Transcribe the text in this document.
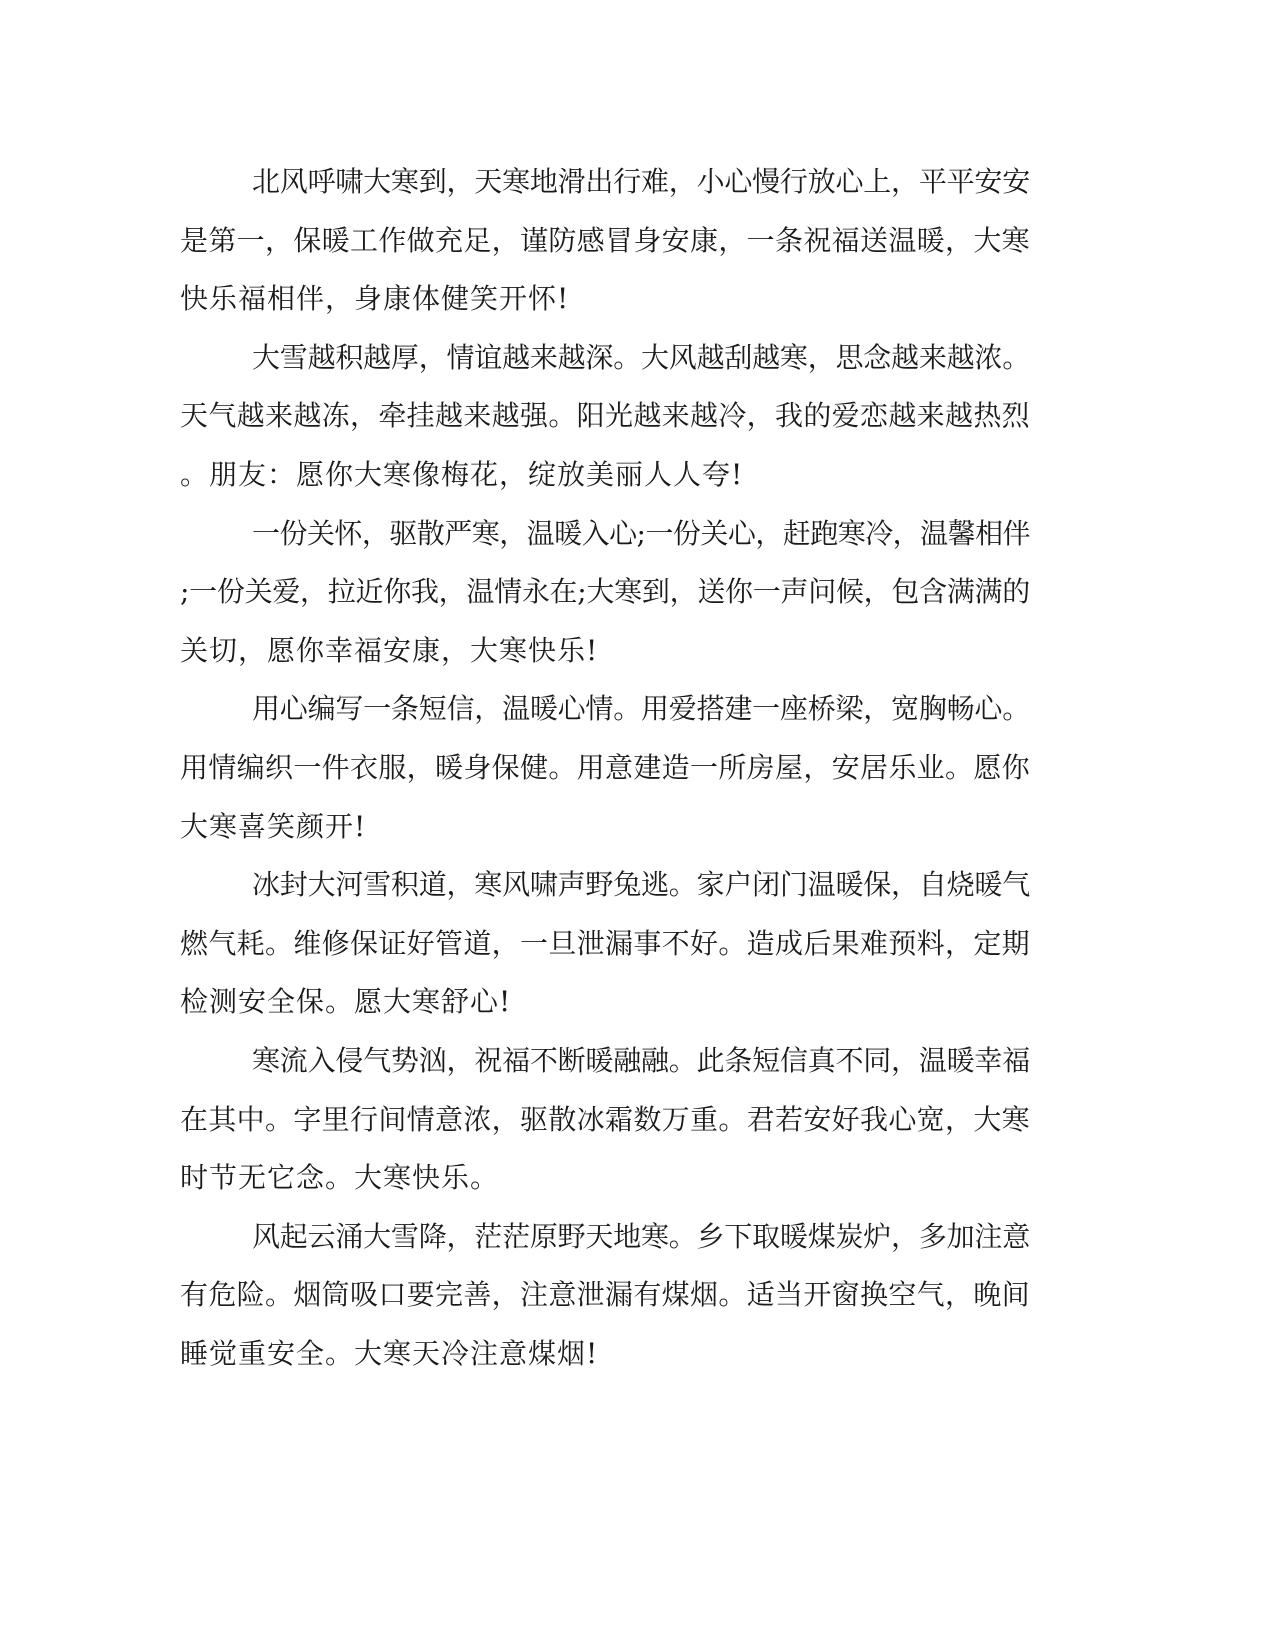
北风呼啸大寒到，天寒地滑出行难，小心慢行放心上，平平安安
是第一，保暖工作做充足，谨防感冒身安康，一条祝福送温暖，大寒
快乐福相伴，身康体健笑开怀!
大雪越积越厚，情谊越来越深。大风越刮越寒，思念越来越浓。
天气越来越冻，牵挂越来越强。阳光越来越冷，我的爱恋越来越热烈
。朋友：愿你大寒像梅花，绽放美丽人人夸!
一份关怀，驱散严寒，温暖入心;一份关心，赶跑寒冷，温馨相伴
;一份关爱，拉近你我，温情永在;大寒到，送你一声问候，包含满满的
关切，愿你幸福安康，大寒快乐!
用心编写一条短信，温暖心情。用爱搭建一座桥梁，宽胸畅心。
用情编织一件衣服，暖身保健。用意建造一所房屋，安居乐业。愿你
大寒喜笑颜开!
冰封大河雪积道，寒风啸声野兔逃。家户闭门温暖保，自烧暖气
燃气耗。维修保证好管道，一旦泄漏事不好。造成后果难预料，定期
检测安全保。愿大寒舒心!
寒流入侵气势汹，祝福不断暖融融。此条短信真不同，温暖幸福
在其中。字里行间情意浓，驱散冰霜数万重。君若安好我心宽，大寒
时节无它念。大寒快乐。
风起云涌大雪降，茫茫原野天地寒。乡下取暖煤炭炉，多加注意
有危险。烟筒吸口要完善，注意泄漏有煤烟。适当开窗换空气，晚间
睡觉重安全。大寒天冷注意煤烟!
